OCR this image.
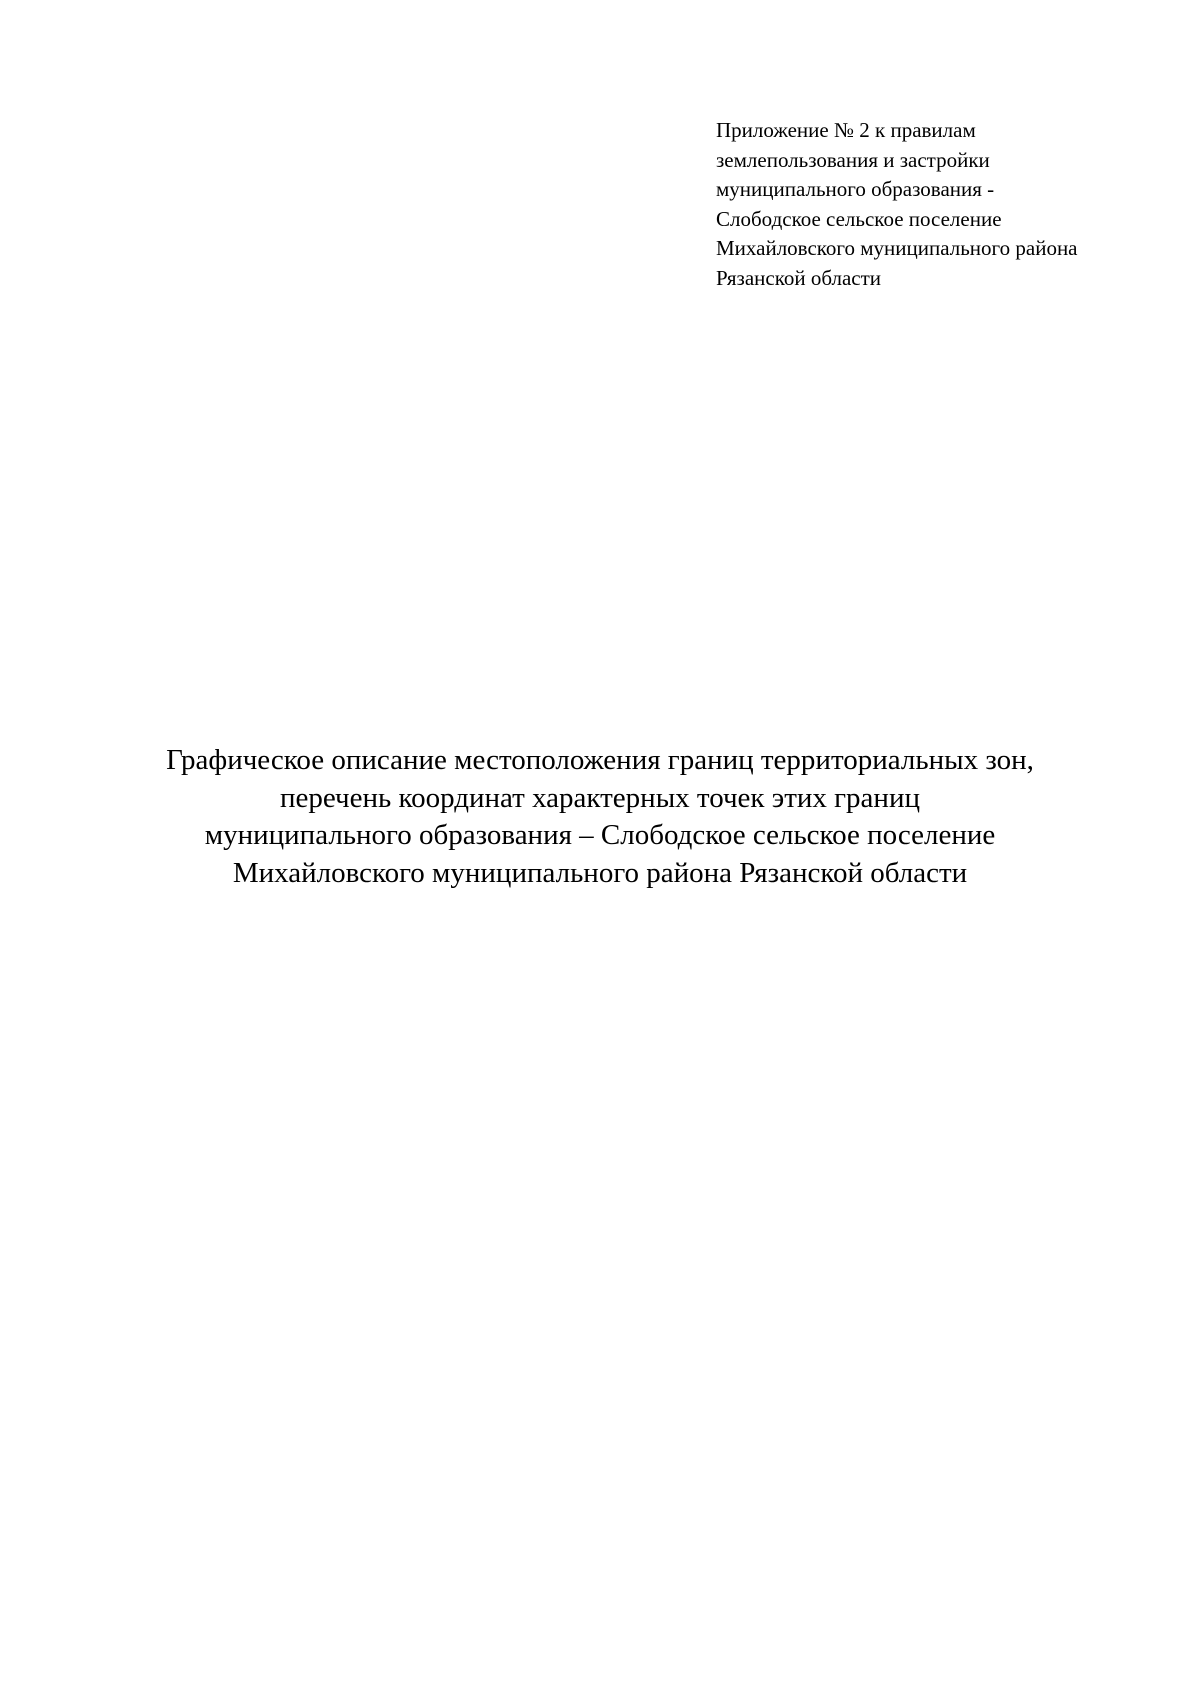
Приложение № 2 к правилам
землепользования и застройки
муниципального образования -
Слободское сельское поселение
Михайловского муниципального района
Рязанской области
Графическое описание местоположения границ территориальных зон,
перечень координат характерных точек этих границ
муниципального образования – Слободское сельское поселение
Михайловского муниципального района Рязанской области
